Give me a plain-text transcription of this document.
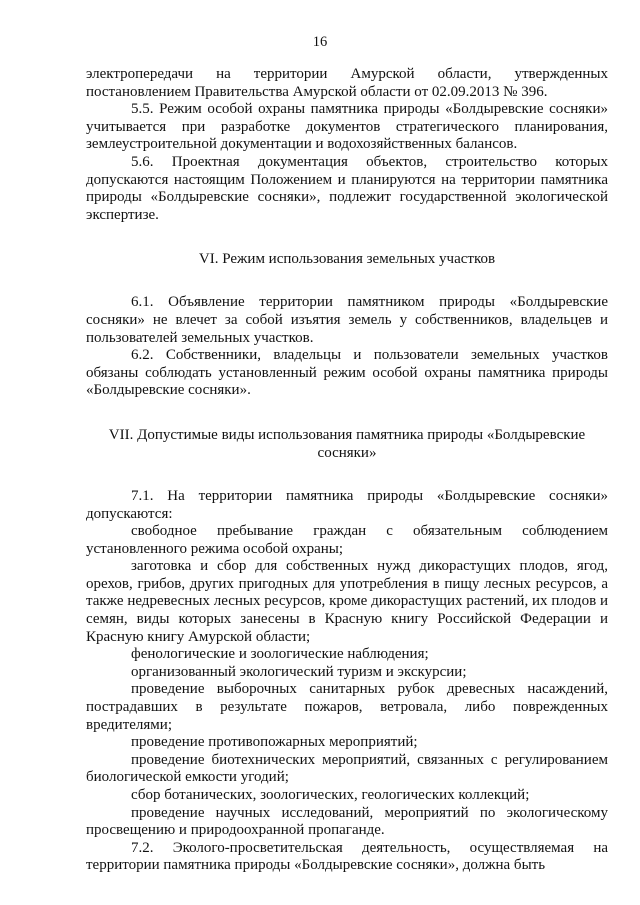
16

электропередачи на территории Амурской области, утвержденных постановлением Правительства Амурской области от 02.09.2013 № 396.

5.5. Режим особой охраны памятника природы «Болдыревские сосняки» учитывается при разработке документов стратегического планирования, землеустроительной документации и водохозяйственных балансов.

5.6. Проектная документация объектов, строительство которых допускаются настоящим Положением и планируются на территории памятника природы «Болдыревские сосняки», подлежит государственной экологической экспертизе.

VI. Режим использования земельных участков

6.1. Объявление территории памятником природы «Болдыревские сосняки» не влечет за собой изъятия земель у собственников, владельцев и пользователей земельных участков.

6.2. Собственники, владельцы и пользователи земельных участков обязаны соблюдать установленный режим особой охраны памятника природы «Болдыревские сосняки».

VII. Допустимые виды использования памятника природы «Болдыревские сосняки»

7.1. На территории памятника природы «Болдыревские сосняки» допускаются:

свободное пребывание граждан с обязательным соблюдением установленного режима особой охраны;

заготовка и сбор для собственных нужд дикорастущих плодов, ягод, орехов, грибов, других пригодных для употребления в пищу лесных ресурсов, а также недревесных лесных ресурсов, кроме дикорастущих растений, их плодов и семян, виды которых занесены в Красную книгу Российской Федерации и Красную книгу Амурской области;

фенологические и зоологические наблюдения;

организованный экологический туризм и экскурсии;

проведение выборочных санитарных рубок древесных насаждений, пострадавших в результате пожаров, ветровала, либо поврежденных вредителями;

проведение противопожарных мероприятий;

проведение биотехнических мероприятий, связанных с регулированием биологической емкости угодий;

сбор ботанических, зоологических, геологических коллекций;

проведение научных исследований, мероприятий по экологическому просвещению и природоохранной пропаганде.

7.2. Эколого-просветительская деятельность, осуществляемая на территории памятника природы «Болдыревские сосняки», должна быть
